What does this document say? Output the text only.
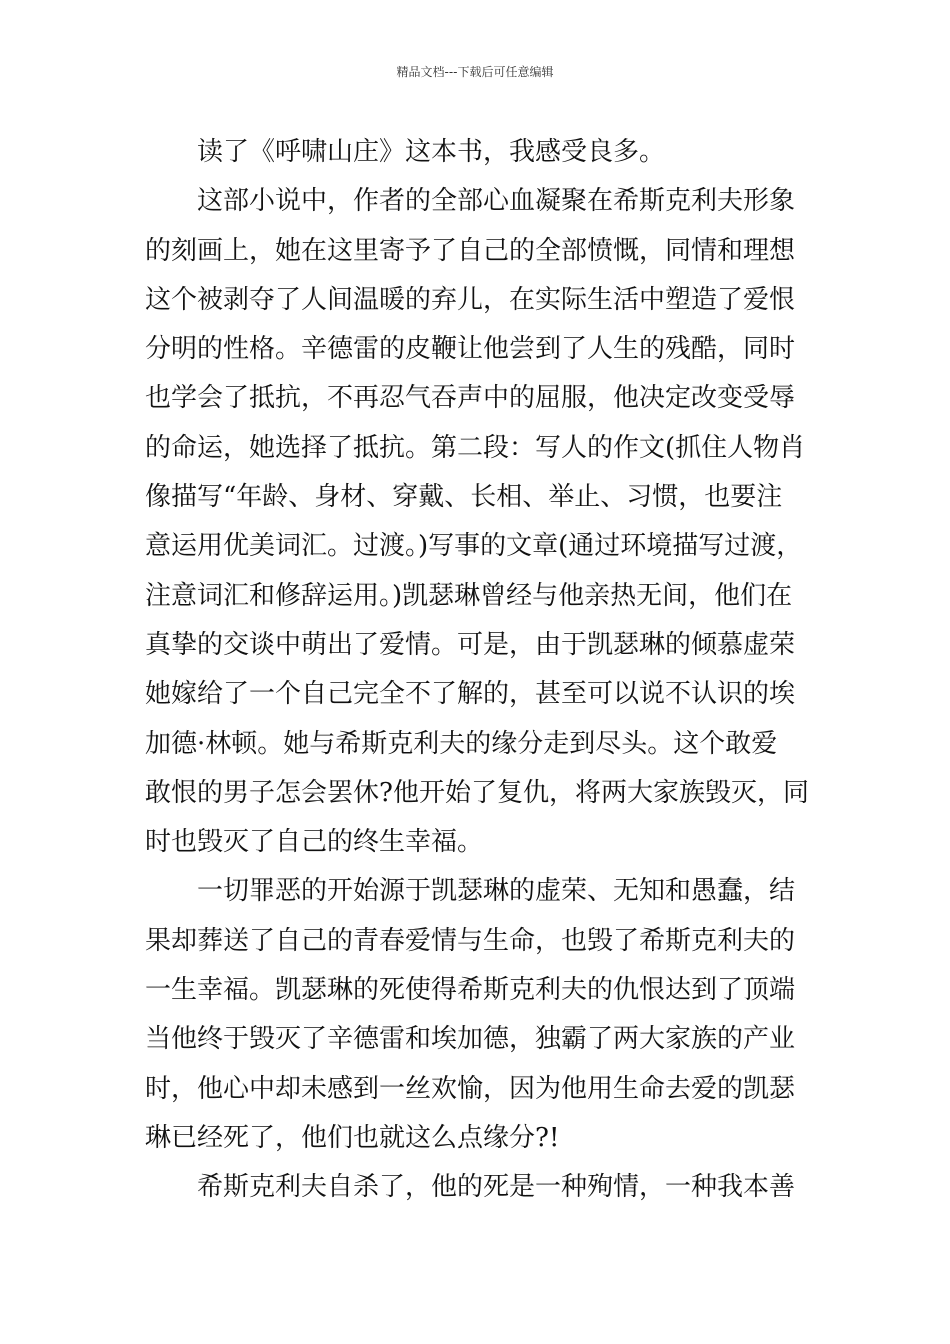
精品文档---下载后可任意编辑
读了《呼啸山庄》这本书，我感受良多。
这部小说中，作者的全部心血凝聚在希斯克利夫形象
的刻画上，她在这里寄予了自己的全部愤慨，同情和理想
这个被剥夺了人间温暖的弃儿，在实际生活中塑造了爱恨
分明的性格。辛德雷的皮鞭让他尝到了人生的残酷，同时
也学会了抵抗，不再忍气吞声中的屈服，他决定改变受辱
的命运，她选择了抵抗。第二段：写人的作文(抓住人物肖
像描写“年龄、身材、穿戴、长相、举止、习惯，也要注
意运用优美词汇。过渡。)写事的文章(通过环境描写过渡，
注意词汇和修辞运用。)凯瑟琳曾经与他亲热无间，他们在
真挚的交谈中萌出了爱情。可是，由于凯瑟琳的倾慕虚荣
她嫁给了一个自己完全不了解的，甚至可以说不认识的埃
加德·林顿。她与希斯克利夫的缘分走到尽头。这个敢爱
敢恨的男子怎会罢休?他开始了复仇，将两大家族毁灭，同
时也毁灭了自己的终生幸福。
一切罪恶的开始源于凯瑟琳的虚荣、无知和愚蠢，结
果却葬送了自己的青春爱情与生命，也毁了希斯克利夫的
一生幸福。凯瑟琳的死使得希斯克利夫的仇恨达到了顶端
当他终于毁灭了辛德雷和埃加德，独霸了两大家族的产业
时，他心中却未感到一丝欢愉，因为他用生命去爱的凯瑟
琳已经死了，他们也就这么点缘分?!
希斯克利夫自杀了，他的死是一种殉情，一种我本善
